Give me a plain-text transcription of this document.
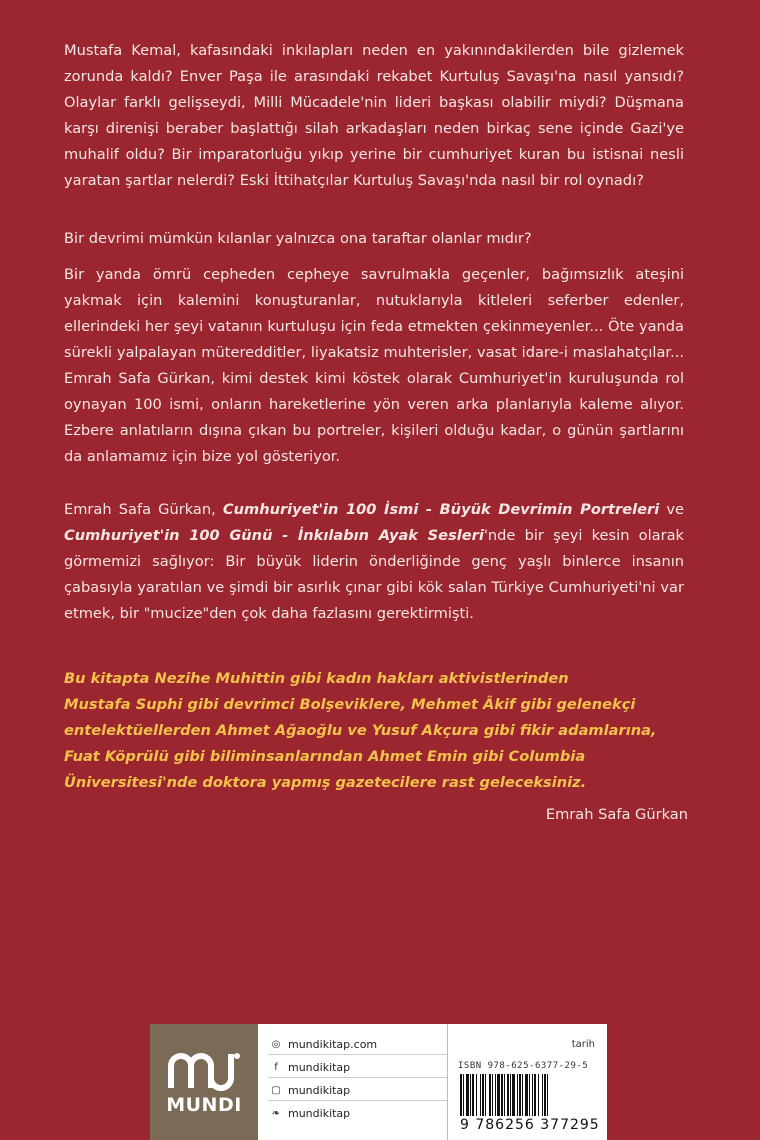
Mustafa Kemal, kafasındaki inkılapları neden en yakınındakilerden bile gizlemek zorunda kaldı? Enver Paşa ile arasındaki rekabet Kurtuluş Savaşı'na nasıl yansıdı? Olaylar farklı gelişseydi, Milli Mücadele'nin lideri başkası olabilir miydi? Düşmana karşı direnişi beraber başlattığı silah arkadaşları neden birkaç sene içinde Gazi'ye muhalif oldu? Bir imparatorluğu yıkıp yerine bir cumhuriyet kuran bu istisnai nesli yaratan şartlar nelerdi? Eski İttihatçılar Kurtuluş Savaşı'nda nasıl bir rol oynadı?

Bir devrimi mümkün kılanlar yalnızca ona taraftar olanlar mıdır?

Bir yanda ömrü cepheden cepheye savrulmakla geçenler, bağımsızlık ateşini yakmak için kalemini konuşturanlar, nutuklarıyla kitleleri seferber edenler, ellerindeki her şeyi vatanın kurtuluşu için feda etmekten çekinmeyenler... Öte yanda sürekli yalpalayan müteredditler, liyakatsiz muhterisler, vasat idare-i maslahatçılar... Emrah Safa Gürkan, kimi destek kimi köstek olarak Cumhuriyet'in kuruluşunda rol oynayan 100 ismi, onların hareketlerine yön veren arka planlarıyla kaleme alıyor. Ezbere anlatıların dışına çıkan bu portreler, kişileri olduğu kadar, o günün şartlarını da anlamamız için bize yol gösteriyor.

Emrah Safa Gürkan, Cumhuriyet'in 100 İsmi - Büyük Devrimin Portreleri ve Cumhuriyet'in 100 Günü - İnkılabın Ayak Sesleri'nde bir şeyi kesin olarak görmemizi sağlıyor: Bir büyük liderin önderliğinde genç yaşlı binlerce insanın çabasıyla yaratılan ve şimdi bir asırlık çınar gibi kök salan Türkiye Cumhuriyeti'ni var etmek, bir "mucize"den çok daha fazlasını gerektirmişti.

Bu kitapta Nezihe Muhittin gibi kadın hakları aktivistlerinden
Mustafa Suphi gibi devrimci Bolşeviklere, Mehmet Âkif gibi gelenekçi
entelektüellerden Ahmet Ağaoğlu ve Yusuf Akçura gibi fikir adamlarına,
Fuat Köprülü gibi biliminsanlarından Ahmet Emin gibi Columbia
Üniversitesi'nde doktora yapmış gazetecilere rast geleceksiniz.

Emrah Safa Gürkan

MUNDI
◎ mundikitap.com
f mundikitap
▢ mundikitap
❧ mundikitap
tarih
ISBN 978-625-6377-29-5
9 786256 377295
